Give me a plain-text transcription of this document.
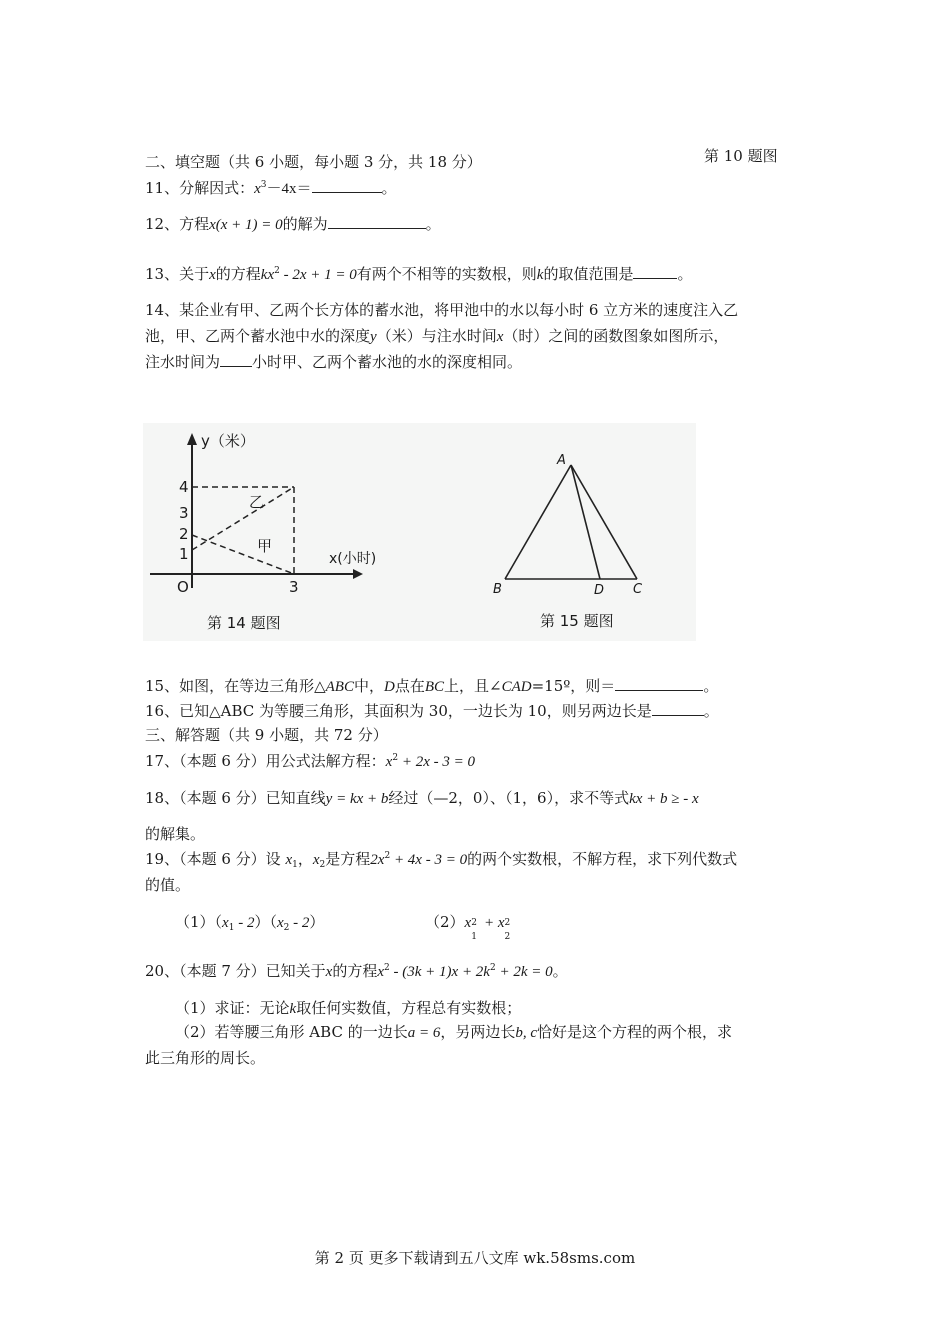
第 10 题图
二、填空题（共 6 小题，每小题 3 分，共 18 分）
11、分解因式：$x^3-4x=$	。
12、方程x(x + 1) = 0的解为	。
13、关于x的方程$kx^2 - 2x + 1 = 0$有两个不相等的实数根，则k的取值范围是	。
14、某企业有甲、乙两个长方体的蓄水池，将甲池中的水以每小时 6 立方米的速度注入乙
池，甲、乙两个蓄水池中水的深度y（米）与注水时间x（时）之间的函数图象如图所示，
注水时间为 小时甲、乙两个蓄水池的水的深度相同。
y（米）
x(小时)
O
4
3
2
1
3
乙
甲
第 14 题图
A
B	D C
第 15 题图
15、如图，在等边三角形△ABC中，D点在BC上，且∠CAD=15º，则＝	。
16、已知△ABC 为等腰三角形，其面积为 30，一边长为 10，则另两边长是	。
三、解答题（共 9 小题，共 72 分）
17、（本题 6 分）用公式法解方程：$x^2 + 2x - 3 = 0$
18、（本题 6 分）已知直线y = kx + b经过（—2，0）、（1，6），求不等式kx + b ≥ - x
的解集。
19、（本题 6 分）设 $x_1$，$x_2$是方程$2x^2 + 4x - 3 = 0$的两个实数根，不解方程，求下列代数式
的值。
$(1)(x_1 - 2)(x_2 - 2)$	（2）x 2
1
+ x 2
2
20、（本题 7 分）已知关于x的方程$x^2 - (3k + 1)x + 2k^2 + 2k = 0$。
（1）求证：无论k取任何实数值，方程总有实数根；
（2）若等腰三角形 ABC 的一边长a = 6，另两边长b, c恰好是这个方程的两个根，求
此三角形的周长。
第 2 页 更多下载请到五八文库 wk.58sms.com
